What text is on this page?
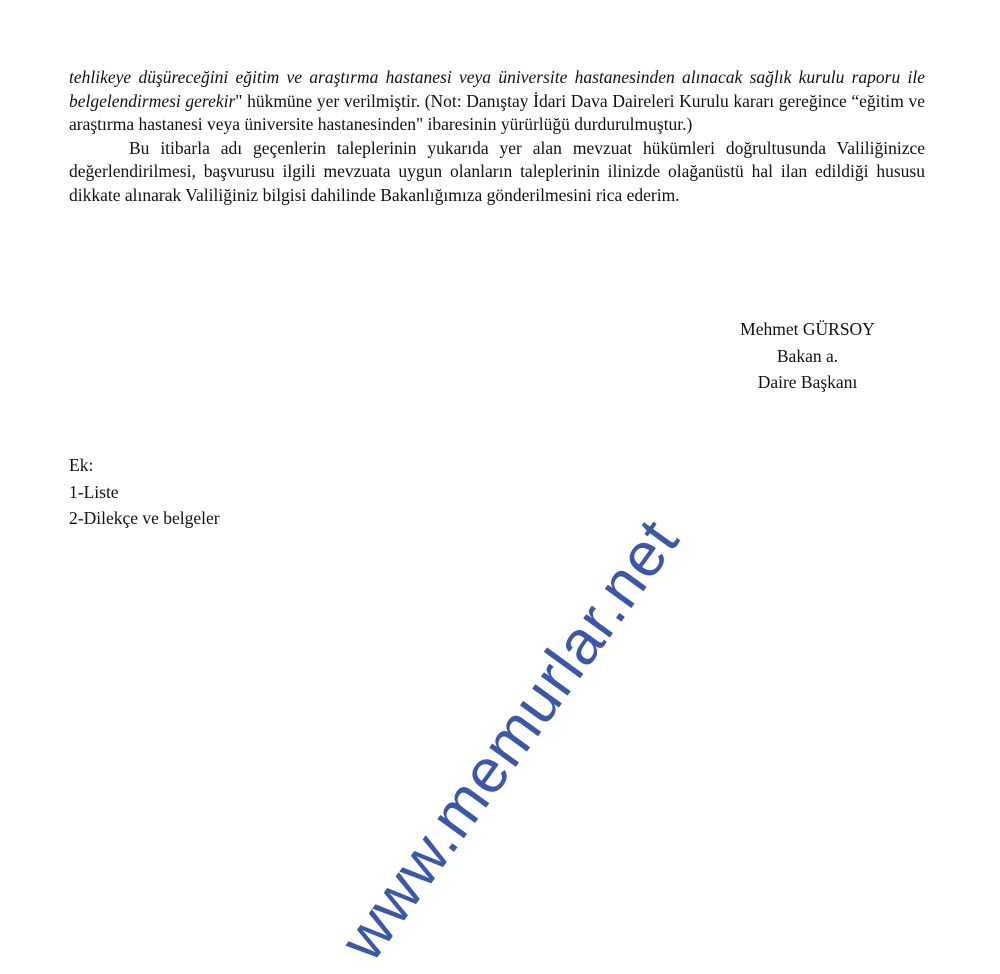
tehlikeye düşüreceğini eğitim ve araştırma hastanesi veya üniversite hastanesinden alınacak sağlık kurulu raporu ile belgelendirmesi gerekir" hükmüne yer verilmiştir. (Not: Danıştay İdari Dava Daireleri Kurulu kararı gereğince “eğitim ve araştırma hastanesi veya üniversite hastanesinden" ibaresinin yürürlüğü durdurulmuştur.)

Bu itibarla adı geçenlerin taleplerinin yukarıda yer alan mevzuat hükümleri doğrultusunda Valiliğinizce değerlendirilmesi, başvurusu ilgili mevzuata uygun olanların taleplerinin ilinizde olağanüstü hal ilan edildiği hususu dikkate alınarak Valiliğiniz bilgisi dahilinde Bakanlığımıza gönderilmesini rica ederim.

Mehmet GÜRSOY
Bakan a.
Daire Başkanı
Ek:
1-Liste
2-Dilekçe ve belgeler www.memurlar.net
